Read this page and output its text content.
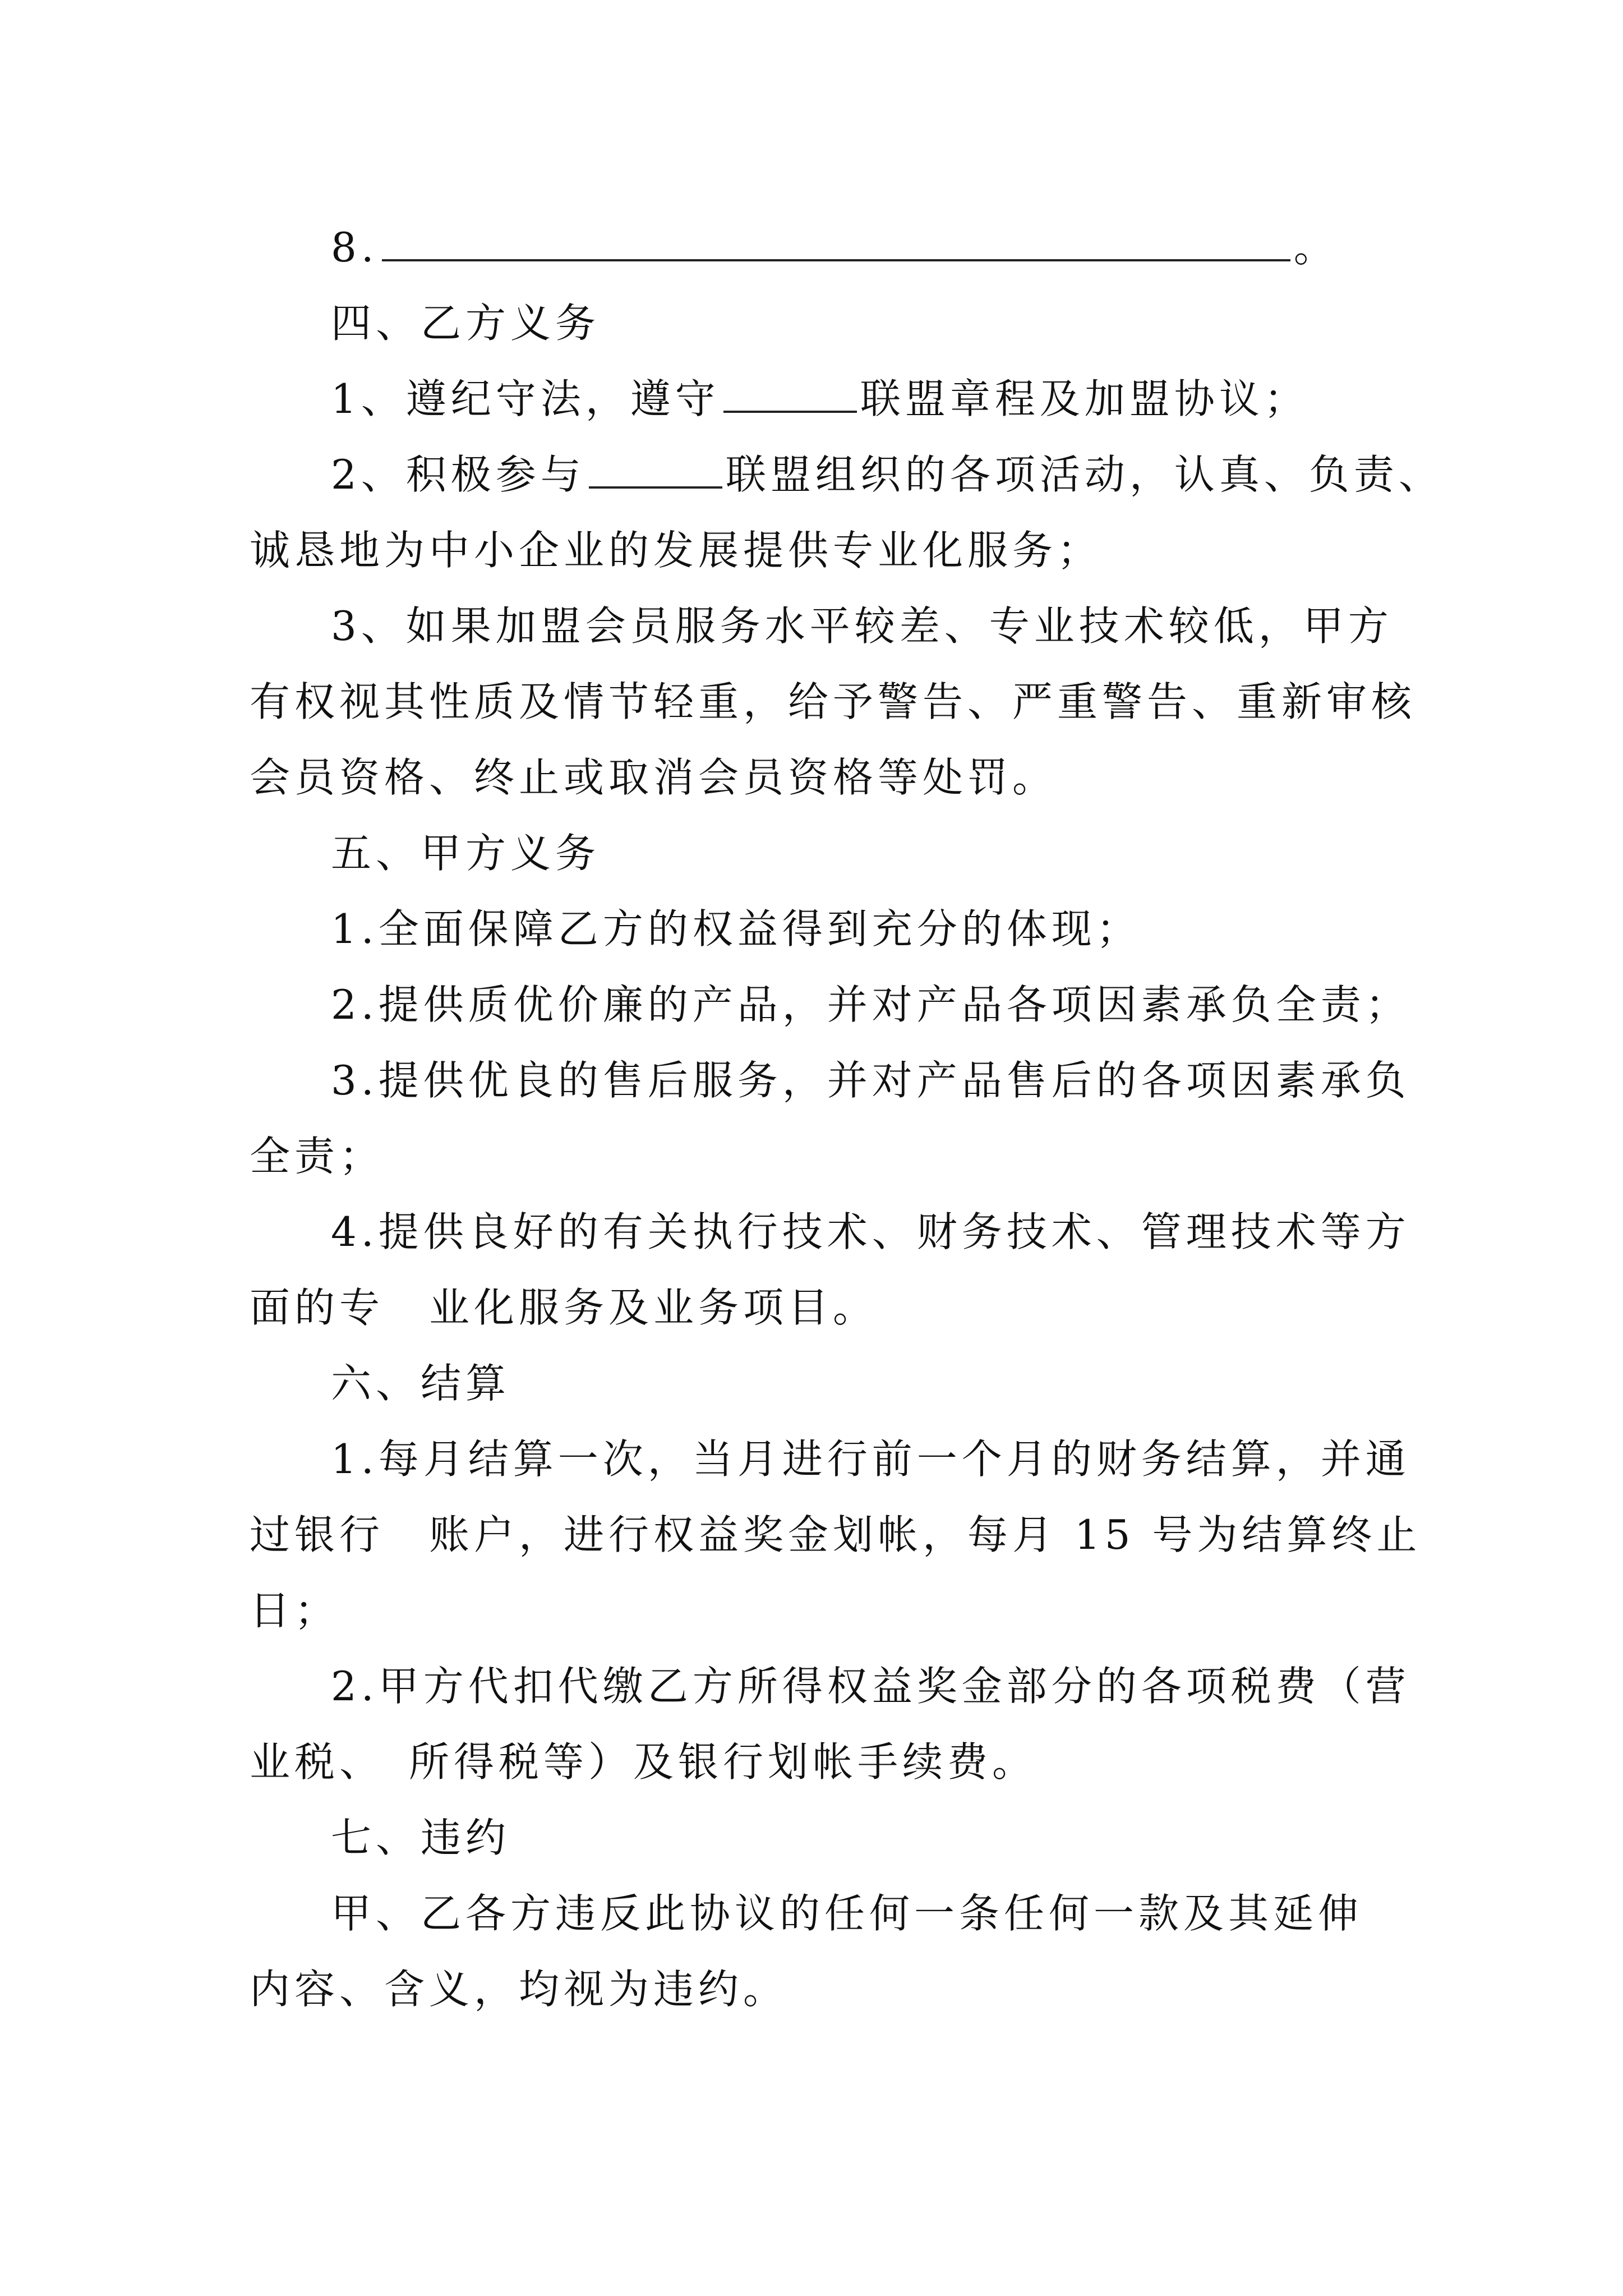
8.	。
四、乙方义务
1、遵纪守法，遵守	联盟章程及加盟协议；
2、积极参与	联盟组织的各项活动，认真、负责、
诚恳地为中小企业的发展提供专业化服务；
3、如果加盟会员服务水平较差、专业技术较低，甲方
有权视其性质及情节轻重，给予警告、严重警告、重新审核
会员资格、终止或取消会员资格等处罚。
五、甲方义务
1.全面保障乙方的权益得到充分的体现；
2.提供质优价廉的产品，并对产品各项因素承负全责；
3.提供优良的售后服务，并对产品售后的各项因素承负
全责；
4.提供良好的有关执行技术、财务技术、管理技术等方
面的专　业化服务及业务项目。
六、结算
1.每月结算一次，当月进行前一个月的财务结算，并通
过银行　账户，进行权益奖金划帐，每月 15 号为结算终止
日；
2.甲方代扣代缴乙方所得权益奖金部分的各项税费（营
业税、　所得税等）及银行划帐手续费。
七、违约
甲、乙各方违反此协议的任何一条任何一款及其延伸
内容、含义，均视为违约。
